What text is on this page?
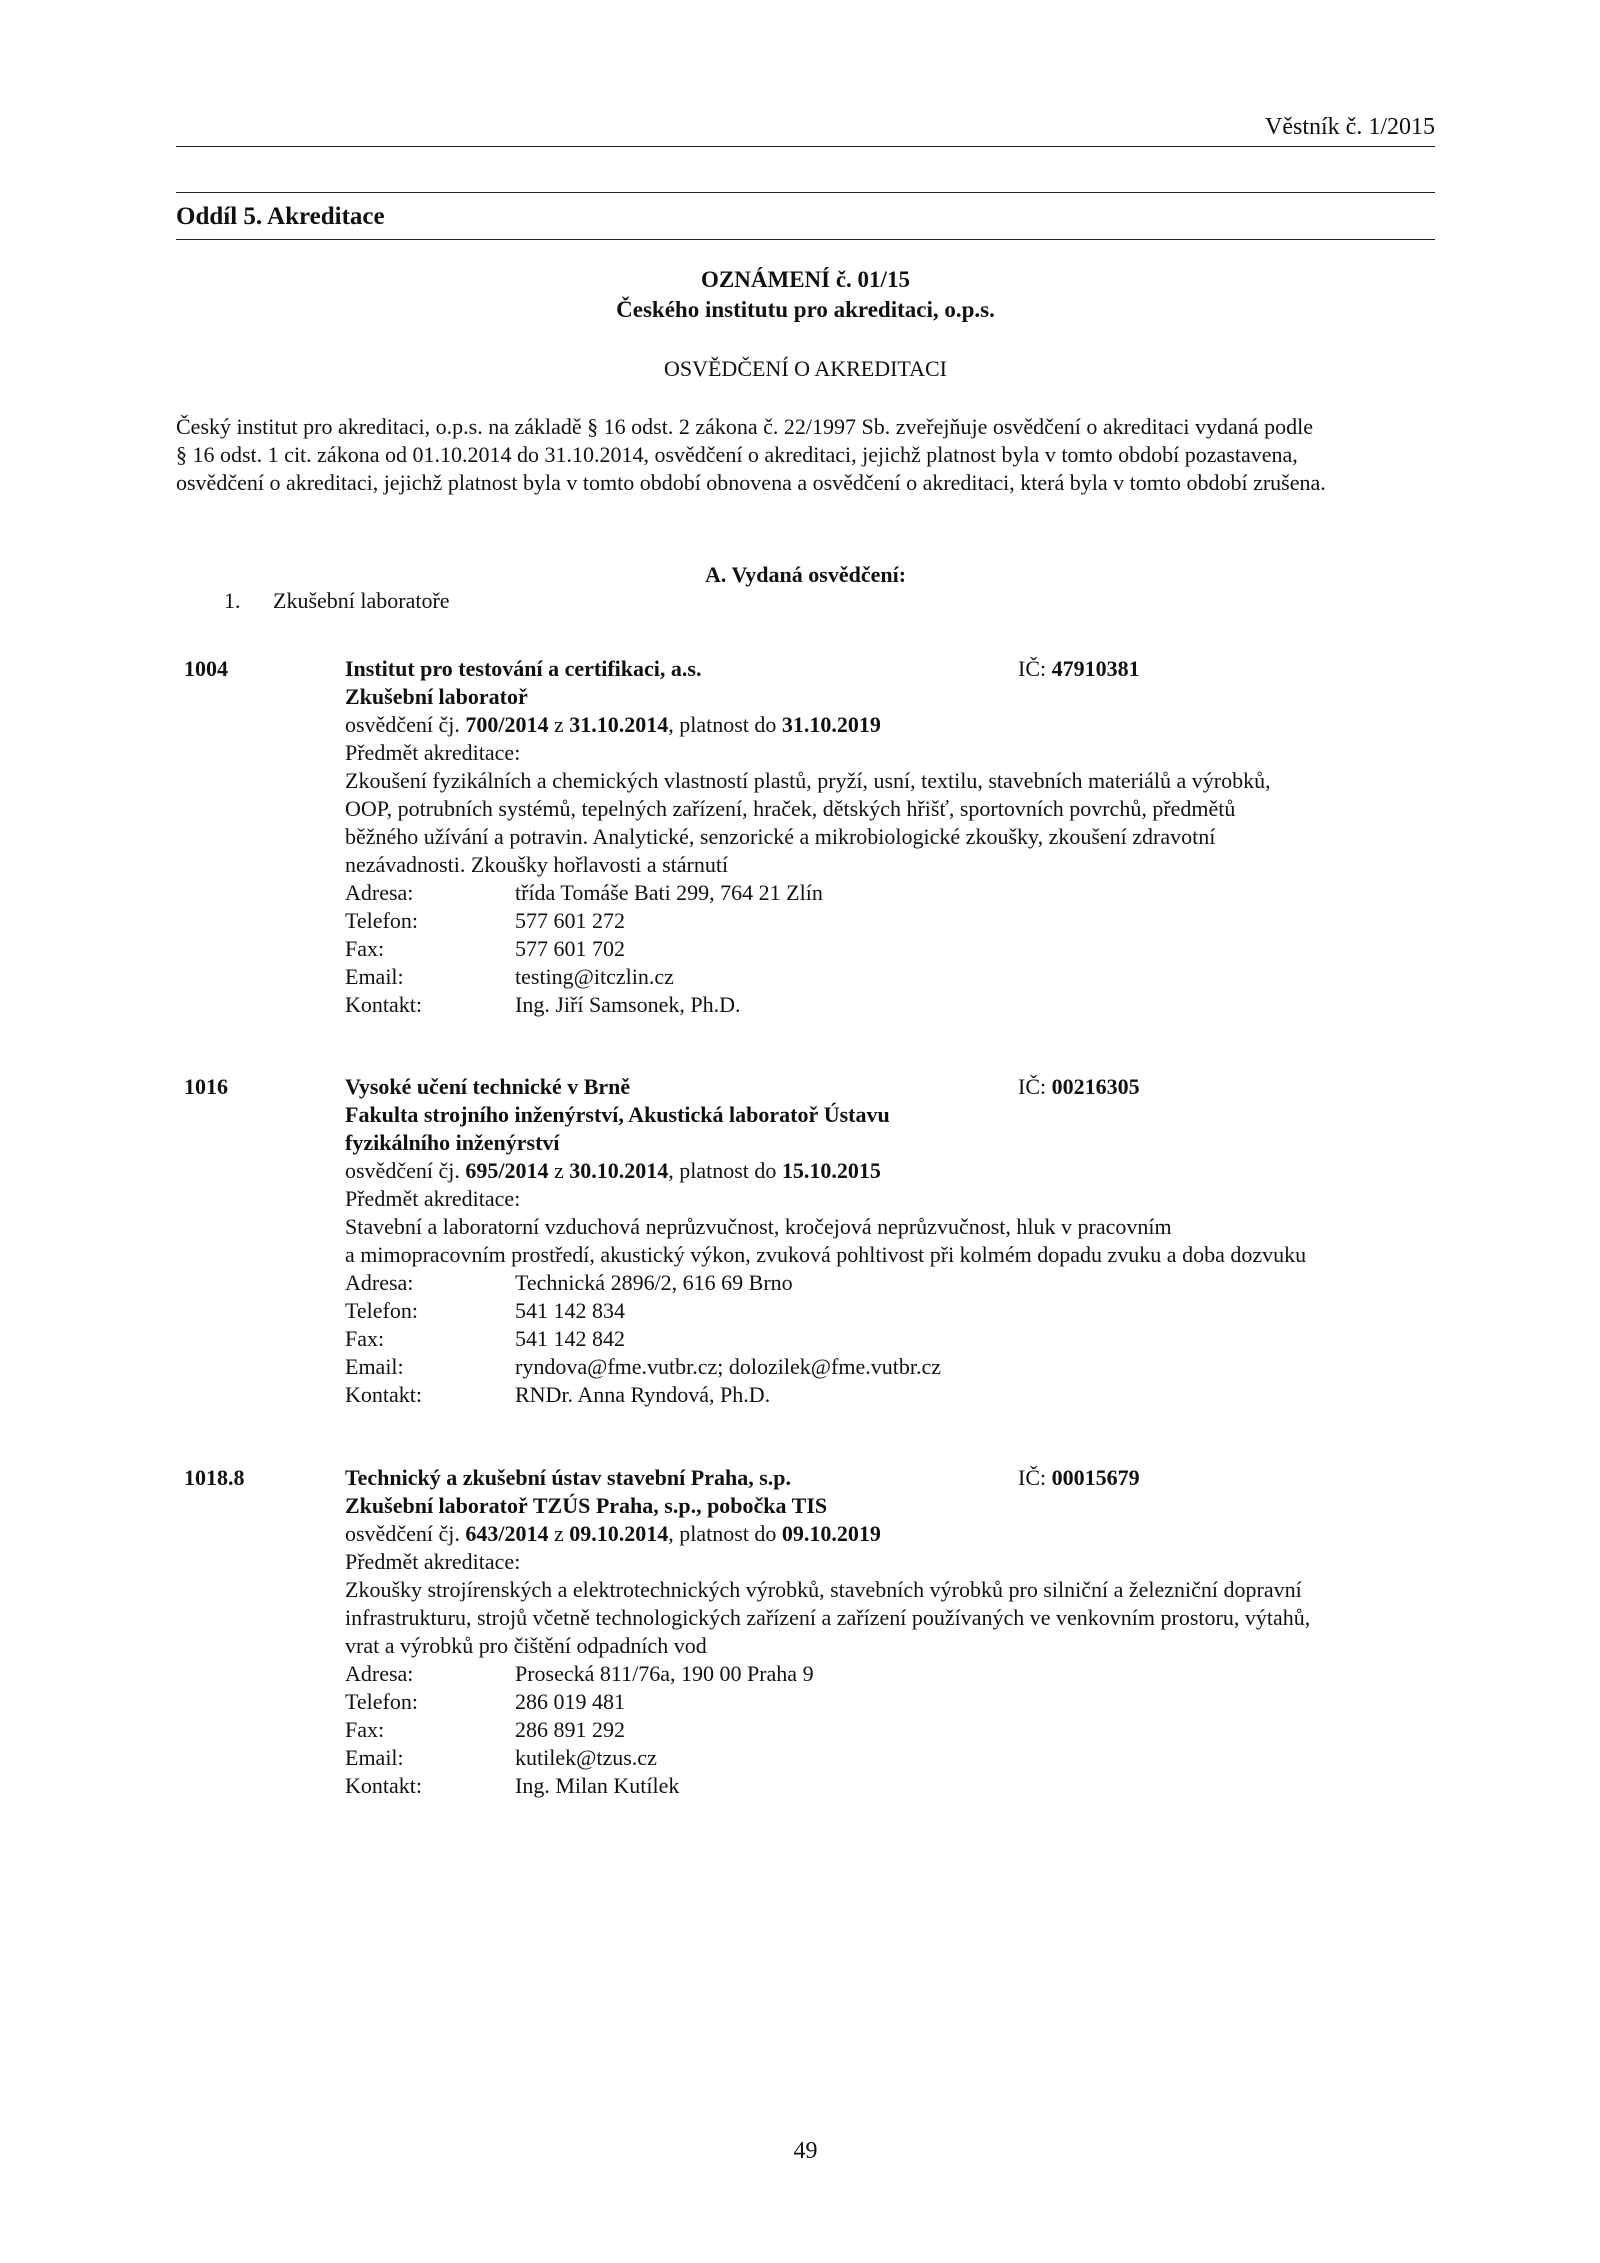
Věstník č. 1/2015
Oddíl 5. Akreditace
OZNÁMENÍ č. 01/15
Českého institutu pro akreditaci, o.p.s.
OSVĚDČENÍ O AKREDITACI
Český institut pro akreditaci, o.p.s. na základě § 16 odst. 2 zákona č. 22/1997 Sb. zveřejňuje osvědčení o akreditaci vydaná podle
§ 16 odst. 1 cit. zákona od 01.10.2014 do 31.10.2014, osvědčení o akreditaci, jejichž platnost byla v tomto období pozastavena,
osvědčení o akreditaci, jejichž platnost byla v tomto období obnovena a osvědčení o akreditaci, která byla v tomto období zrušena.
A. Vydaná osvědčení:
1. Zkušební laboratoře
1004	IČ: 47910381
Institut pro testování a certifikaci, a.s.
Zkušební laboratoř
osvědčení čj. 700/2014 z 31.10.2014, platnost do 31.10.2019
Předmět akreditace:
Zkoušení fyzikálních a chemických vlastností plastů, pryží, usní, textilu, stavebních materiálů a výrobků,
OOP, potrubních systémů, tepelných zařízení, hraček, dětských hřišť, sportovních povrchů, předmětů
běžného užívání a potravin. Analytické, senzorické a mikrobiologické zkoušky, zkoušení zdravotní
nezávadnosti. Zkoušky hořlavosti a stárnutí
Adresa:	třída Tomáše Bati 299, 764 21 Zlín
Telefon:	577 601 272
Fax:	577 601 702
Email:	testing@itczlin.cz
Kontakt:	Ing. Jiří Samsonek, Ph.D.
1016	IČ: 00216305
Vysoké učení technické v Brně
Fakulta strojního inženýrství, Akustická laboratoř Ústavu
fyzikálního inženýrství
osvědčení čj. 695/2014 z 30.10.2014, platnost do 15.10.2015
Předmět akreditace:
Stavební a laboratorní vzduchová neprůzvučnost, kročejová neprůzvučnost, hluk v pracovním
a mimopracovním prostředí, akustický výkon, zvuková pohltivost při kolmém dopadu zvuku a doba dozvuku
Adresa:	Technická 2896/2, 616 69 Brno
Telefon:	541 142 834
Fax:	541 142 842
Email:	ryndova@fme.vutbr.cz; dolozilek@fme.vutbr.cz
Kontakt:	RNDr. Anna Ryndová, Ph.D.
1018.8	IČ: 00015679
Technický a zkušební ústav stavební Praha, s.p.
Zkušební laboratoř TZÚS Praha, s.p., pobočka TIS
osvědčení čj. 643/2014 z 09.10.2014, platnost do 09.10.2019
Předmět akreditace:
Zkoušky strojírenských a elektrotechnických výrobků, stavebních výrobků pro silniční a železniční dopravní
infrastrukturu, strojů včetně technologických zařízení a zařízení používaných ve venkovním prostoru, výtahů,
vrat a výrobků pro čištění odpadních vod
Adresa:	Prosecká 811/76a, 190 00 Praha 9
Telefon:	286 019 481
Fax:	286 891 292
Email:	kutilek@tzus.cz
Kontakt:	Ing. Milan Kutílek
49
